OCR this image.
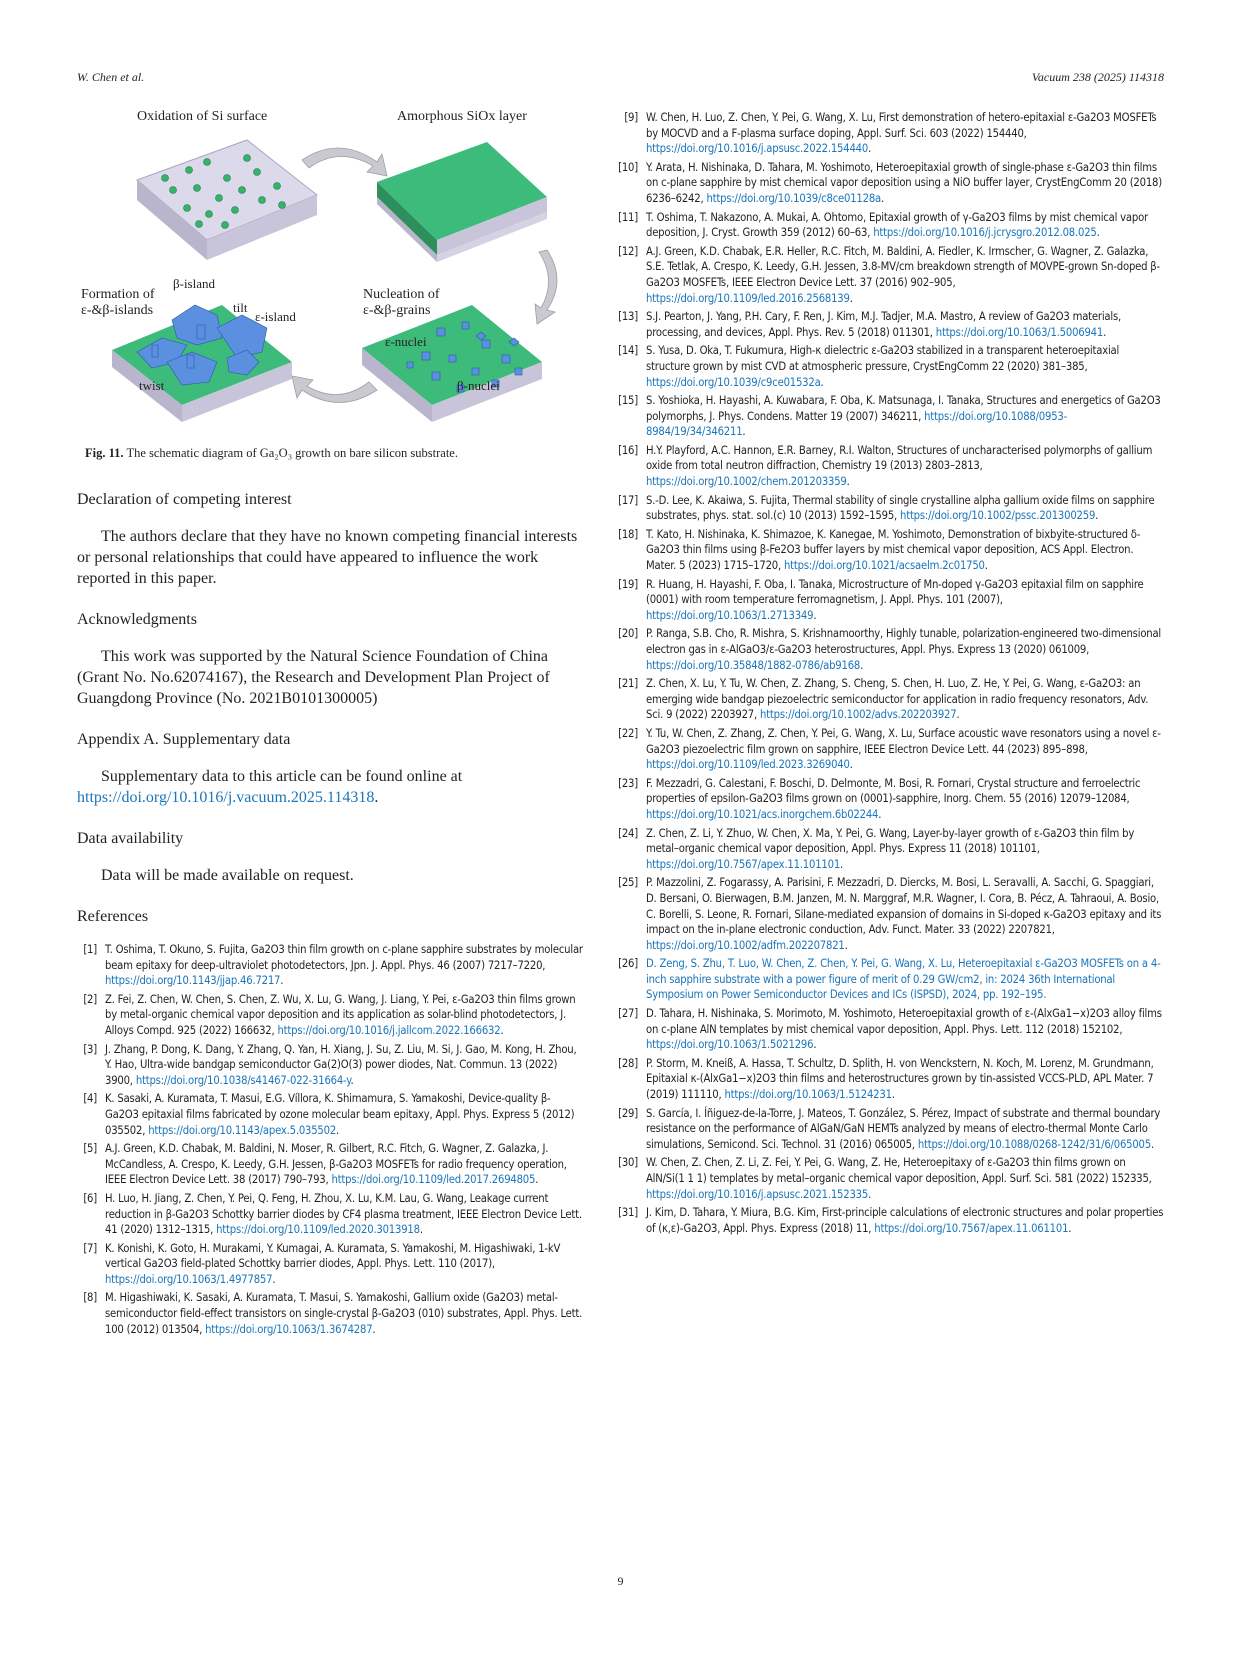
W. Chen et al.	Vacuum 238 (2025) 114318
Oxidation of Si surface	Amorphous SiOx layer
Formation of
ε-&β-islands
β-island
tilt
ε-island
twist
Nucleation of
ε-&β-grains
ε-nuclei
β-nuclei
Fig. 11. The schematic diagram of Ga₂O₃ growth on bare silicon substrate.
Declaration of competing interest

The authors declare that they have no known competing financial interests or personal relationships that could have appeared to influence the work reported in this paper.

Acknowledgments

This work was supported by the Natural Science Foundation of China (Grant No. No.62074167), the Research and Development Plan Project of Guangdong Province (No. 2021B0101300005)

Appendix A. Supplementary data

Supplementary data to this article can be found online at https://doi.org/10.1016/j.vacuum.2025.114318.

Data availability

Data will be made available on request.

References
[1] T. Oshima, T. Okuno, S. Fujita, Ga2O3 thin film growth on c-plane sapphire substrates by molecular beam epitaxy for deep-ultraviolet photodetectors, Jpn. J. Appl. Phys. 46 (2007) 7217–7220, https://doi.org/10.1143/jjap.46.7217.
[2] Z. Fei, Z. Chen, W. Chen, S. Chen, Z. Wu, X. Lu, G. Wang, J. Liang, Y. Pei, ε-Ga2O3 thin films grown by metal-organic chemical vapor deposition and its application as solar-blind photodetectors, J. Alloys Compd. 925 (2022) 166632, https://doi.org/10.1016/j.jallcom.2022.166632.
[3] J. Zhang, P. Dong, K. Dang, Y. Zhang, Q. Yan, H. Xiang, J. Su, Z. Liu, M. Si, J. Gao, M. Kong, H. Zhou, Y. Hao, Ultra-wide bandgap semiconductor Ga(2)O(3) power diodes, Nat. Commun. 13 (2022) 3900, https://doi.org/10.1038/s41467-022-31664-y.
[4] K. Sasaki, A. Kuramata, T. Masui, E.G. Víllora, K. Shimamura, S. Yamakoshi, Device-quality β-Ga2O3 epitaxial films fabricated by ozone molecular beam epitaxy, Appl. Phys. Express 5 (2012) 035502, https://doi.org/10.1143/apex.5.035502.
[5] A.J. Green, K.D. Chabak, M. Baldini, N. Moser, R. Gilbert, R.C. Fitch, G. Wagner, Z. Galazka, J. McCandless, A. Crespo, K. Leedy, G.H. Jessen, β-Ga2O3 MOSFETs for radio frequency operation, IEEE Electron Device Lett. 38 (2017) 790–793, https://doi.org/10.1109/led.2017.2694805.
[6] H. Luo, H. Jiang, Z. Chen, Y. Pei, Q. Feng, H. Zhou, X. Lu, K.M. Lau, G. Wang, Leakage current reduction in β-Ga2O3 Schottky barrier diodes by CF4 plasma treatment, IEEE Electron Device Lett. 41 (2020) 1312–1315, https://doi.org/10.1109/led.2020.3013918.
[7] K. Konishi, K. Goto, H. Murakami, Y. Kumagai, A. Kuramata, S. Yamakoshi, M. Higashiwaki, 1-kV vertical Ga2O3 field-plated Schottky barrier diodes, Appl. Phys. Lett. 110 (2017), https://doi.org/10.1063/1.4977857.
[8] M. Higashiwaki, K. Sasaki, A. Kuramata, T. Masui, S. Yamakoshi, Gallium oxide (Ga2O3) metal-semiconductor field-effect transistors on single-crystal β-Ga2O3 (010) substrates, Appl. Phys. Lett. 100 (2012) 013504, https://doi.org/10.1063/1.3674287.
[9] W. Chen, H. Luo, Z. Chen, Y. Pei, G. Wang, X. Lu, First demonstration of hetero-epitaxial ε-Ga2O3 MOSFETs by MOCVD and a F-plasma surface doping, Appl. Surf. Sci. 603 (2022) 154440, https://doi.org/10.1016/j.apsusc.2022.154440.
[10] Y. Arata, H. Nishinaka, D. Tahara, M. Yoshimoto, Heteroepitaxial growth of single-phase ε-Ga2O3 thin films on c-plane sapphire by mist chemical vapor deposition using a NiO buffer layer, CrystEngComm 20 (2018) 6236–6242, https://doi.org/10.1039/c8ce01128a.
[11] T. Oshima, T. Nakazono, A. Mukai, A. Ohtomo, Epitaxial growth of γ-Ga2O3 films by mist chemical vapor deposition, J. Cryst. Growth 359 (2012) 60–63, https://doi.org/10.1016/j.jcrysgro.2012.08.025.
[12] A.J. Green, K.D. Chabak, E.R. Heller, R.C. Fitch, M. Baldini, A. Fiedler, K. Irmscher, G. Wagner, Z. Galazka, S.E. Tetlak, A. Crespo, K. Leedy, G.H. Jessen, 3.8-MV/cm breakdown strength of MOVPE-grown Sn-doped β-Ga2O3 MOSFETs, IEEE Electron Device Lett. 37 (2016) 902–905, https://doi.org/10.1109/led.2016.2568139.
[13] S.J. Pearton, J. Yang, P.H. Cary, F. Ren, J. Kim, M.J. Tadjer, M.A. Mastro, A review of Ga2O3 materials, processing, and devices, Appl. Phys. Rev. 5 (2018) 011301, https://doi.org/10.1063/1.5006941.
[14] S. Yusa, D. Oka, T. Fukumura, High-κ dielectric ε-Ga2O3 stabilized in a transparent heteroepitaxial structure grown by mist CVD at atmospheric pressure, CrystEngComm 22 (2020) 381–385, https://doi.org/10.1039/c9ce01532a.
[15] S. Yoshioka, H. Hayashi, A. Kuwabara, F. Oba, K. Matsunaga, I. Tanaka, Structures and energetics of Ga2O3 polymorphs, J. Phys. Condens. Matter 19 (2007) 346211, https://doi.org/10.1088/0953-8984/19/34/346211.
[16] H.Y. Playford, A.C. Hannon, E.R. Barney, R.I. Walton, Structures of uncharacterised polymorphs of gallium oxide from total neutron diffraction, Chemistry 19 (2013) 2803–2813, https://doi.org/10.1002/chem.201203359.
[17] S.-D. Lee, K. Akaiwa, S. Fujita, Thermal stability of single crystalline alpha gallium oxide films on sapphire substrates, phys. stat. sol.(c) 10 (2013) 1592–1595, https://doi.org/10.1002/pssc.201300259.
[18] T. Kato, H. Nishinaka, K. Shimazoe, K. Kanegae, M. Yoshimoto, Demonstration of bixbyite-structured δ-Ga2O3 thin films using β-Fe2O3 buffer layers by mist chemical vapor deposition, ACS Appl. Electron. Mater. 5 (2023) 1715–1720, https://doi.org/10.1021/acsaelm.2c01750.
[19] R. Huang, H. Hayashi, F. Oba, I. Tanaka, Microstructure of Mn-doped γ-Ga2O3 epitaxial film on sapphire (0001) with room temperature ferromagnetism, J. Appl. Phys. 101 (2007), https://doi.org/10.1063/1.2713349.
[20] P. Ranga, S.B. Cho, R. Mishra, S. Krishnamoorthy, Highly tunable, polarization-engineered two-dimensional electron gas in ε-AlGaO3/ε-Ga2O3 heterostructures, Appl. Phys. Express 13 (2020) 061009, https://doi.org/10.35848/1882-0786/ab9168.
[21] Z. Chen, X. Lu, Y. Tu, W. Chen, Z. Zhang, S. Cheng, S. Chen, H. Luo, Z. He, Y. Pei, G. Wang, ε-Ga2O3: an emerging wide bandgap piezoelectric semiconductor for application in radio frequency resonators, Adv. Sci. 9 (2022) 2203927, https://doi.org/10.1002/advs.202203927.
[22] Y. Tu, W. Chen, Z. Zhang, Z. Chen, Y. Pei, G. Wang, X. Lu, Surface acoustic wave resonators using a novel ε-Ga2O3 piezoelectric film grown on sapphire, IEEE Electron Device Lett. 44 (2023) 895–898, https://doi.org/10.1109/led.2023.3269040.
[23] F. Mezzadri, G. Calestani, F. Boschi, D. Delmonte, M. Bosi, R. Fornari, Crystal structure and ferroelectric properties of epsilon-Ga2O3 films grown on (0001)-sapphire, Inorg. Chem. 55 (2016) 12079–12084, https://doi.org/10.1021/acs.inorgchem.6b02244.
[24] Z. Chen, Z. Li, Y. Zhuo, W. Chen, X. Ma, Y. Pei, G. Wang, Layer-by-layer growth of ε-Ga2O3 thin film by metal–organic chemical vapor deposition, Appl. Phys. Express 11 (2018) 101101, https://doi.org/10.7567/apex.11.101101.
[25] P. Mazzolini, Z. Fogarassy, A. Parisini, F. Mezzadri, D. Diercks, M. Bosi, L. Seravalli, A. Sacchi, G. Spaggiari, D. Bersani, O. Bierwagen, B.M. Janzen, M. N. Marggraf, M.R. Wagner, I. Cora, B. Pécz, A. Tahraoui, A. Bosio, C. Borelli, S. Leone, R. Fornari, Silane-mediated expansion of domains in Si-doped κ-Ga2O3 epitaxy and its impact on the in-plane electronic conduction, Adv. Funct. Mater. 33 (2022) 2207821, https://doi.org/10.1002/adfm.202207821.
[26] D. Zeng, S. Zhu, T. Luo, W. Chen, Z. Chen, Y. Pei, G. Wang, X. Lu, Heteroepitaxial ε-Ga2O3 MOSFETs on a 4-inch sapphire substrate with a power figure of merit of 0.29 GW/cm2, in: 2024 36th International Symposium on Power Semiconductor Devices and ICs (ISPSD), 2024, pp. 192–195.
[27] D. Tahara, H. Nishinaka, S. Morimoto, M. Yoshimoto, Heteroepitaxial growth of ε-(AlxGa1−x)2O3 alloy films on c-plane AlN templates by mist chemical vapor deposition, Appl. Phys. Lett. 112 (2018) 152102, https://doi.org/10.1063/1.5021296.
[28] P. Storm, M. Kneiß, A. Hassa, T. Schultz, D. Splith, H. von Wenckstern, N. Koch, M. Lorenz, M. Grundmann, Epitaxial κ-(AlxGa1−x)2O3 thin films and heterostructures grown by tin-assisted VCCS-PLD, APL Mater. 7 (2019) 111110, https://doi.org/10.1063/1.5124231.
[29] S. García, I. Íñiguez-de-la-Torre, J. Mateos, T. González, S. Pérez, Impact of substrate and thermal boundary resistance on the performance of AlGaN/GaN HEMTs analyzed by means of electro-thermal Monte Carlo simulations, Semicond. Sci. Technol. 31 (2016) 065005, https://doi.org/10.1088/0268-1242/31/6/065005.
[30] W. Chen, Z. Chen, Z. Li, Z. Fei, Y. Pei, G. Wang, Z. He, Heteroepitaxy of ε-Ga2O3 thin films grown on AlN/Si(1 1 1) templates by metal–organic chemical vapor deposition, Appl. Surf. Sci. 581 (2022) 152335, https://doi.org/10.1016/j.apsusc.2021.152335.
[31] J. Kim, D. Tahara, Y. Miura, B.G. Kim, First-principle calculations of electronic structures and polar properties of (κ,ε)-Ga2O3, Appl. Phys. Express (2018) 11, https://doi.org/10.7567/apex.11.061101.
9
